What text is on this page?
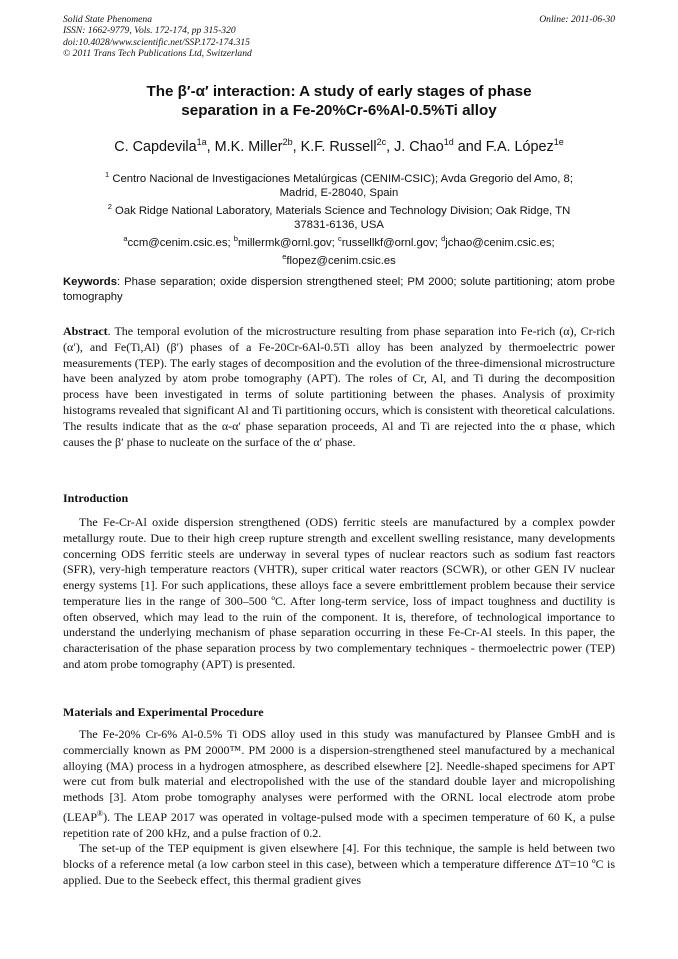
Solid State Phenomena
ISSN: 1662-9779, Vols. 172-174, pp 315-320
doi:10.4028/www.scientific.net/SSP.172-174.315
© 2011 Trans Tech Publications Ltd, Switzerland
Online: 2011-06-30
The β′-α′ interaction: A study of early stages of phase
separation in a Fe-20%Cr-6%Al-0.5%Ti alloy
C. Capdevila$^{1a}$, M.K. Miller$^{2b}$, K.F. Russell$^{2c}$, J. Chao$^{1d}$ and F.A. López$^{1e}$
$^1$ Centro Nacional de Investigaciones Metalúrgicas (CENIM-CSIC); Avda Gregorio del Amo, 8;
Madrid, E-28040, Spain
$^2$ Oak Ridge National Laboratory, Materials Science and Technology Division; Oak Ridge, TN
37831-6136, USA
$^a$ccm@cenim.csic.es; $^b$millermk@ornl.gov; $^c$russellkf@ornl.gov; $^d$jchao@cenim.csic.es;
$^e$flopez@cenim.csic.es
Keywords: Phase separation; oxide dispersion strengthened steel; PM 2000; solute partitioning; atom probe tomography
Abstract. The temporal evolution of the microstructure resulting from phase separation into Fe-rich (α), Cr-rich (α′), and Fe(Ti,Al) (β′) phases of a Fe-20Cr-6Al-0.5Ti alloy has been analyzed by thermoelectric power measurements (TEP). The early stages of decomposition and the evolution of the three-dimensional microstructure have been analyzed by atom probe tomography (APT). The roles of Cr, Al, and Ti during the decomposition process have been investigated in terms of solute partitioning between the phases. Analysis of proximity histograms revealed that significant Al and Ti partitioning occurs, which is consistent with theoretical calculations. The results indicate that as the α-α′ phase separation proceeds, Al and Ti are rejected into the α phase, which causes the β′ phase to nucleate on the surface of the α′ phase.
Introduction

The Fe-Cr-Al oxide dispersion strengthened (ODS) ferritic steels are manufactured by a complex powder metallurgy route. Due to their high creep rupture strength and excellent swelling resistance, many developments concerning ODS ferritic steels are underway in several types of nuclear reactors such as sodium fast reactors (SFR), very-high temperature reactors (VHTR), super critical water reactors (SCWR), or other GEN IV nuclear energy systems [1]. For such applications, these alloys face a severe embrittlement problem because their service temperature lies in the range of 300–500 ºC. After long-term service, loss of impact toughness and ductility is often observed, which may lead to the ruin of the component. It is, therefore, of technological importance to understand the underlying mechanism of phase separation occurring in these Fe-Cr-Al steels. In this paper, the characterisation of the phase separation process by two complementary techniques - thermoelectric power (TEP) and atom probe tomography (APT) is presented.

Materials and Experimental Procedure

The Fe-20% Cr-6% Al-0.5% Ti ODS alloy used in this study was manufactured by Plansee GmbH and is commercially known as PM 2000™. PM 2000 is a dispersion-strengthened steel manufactured by a mechanical alloying (MA) process in a hydrogen atmosphere, as described elsewhere [2]. Needle-shaped specimens for APT were cut from bulk material and electropolished with the use of the standard double layer and micropolishing methods [3]. Atom probe tomography analyses were performed with the ORNL local electrode atom probe (LEAP®). The LEAP 2017 was operated in voltage-pulsed mode with a specimen temperature of 60 K, a pulse repetition rate of 200 kHz, and a pulse fraction of 0.2.

The set-up of the TEP equipment is given elsewhere [4]. For this technique, the sample is held between two blocks of a reference metal (a low carbon steel in this case), between which a temperature difference ΔT=10 ºC is applied. Due to the Seebeck effect, this thermal gradient gives
